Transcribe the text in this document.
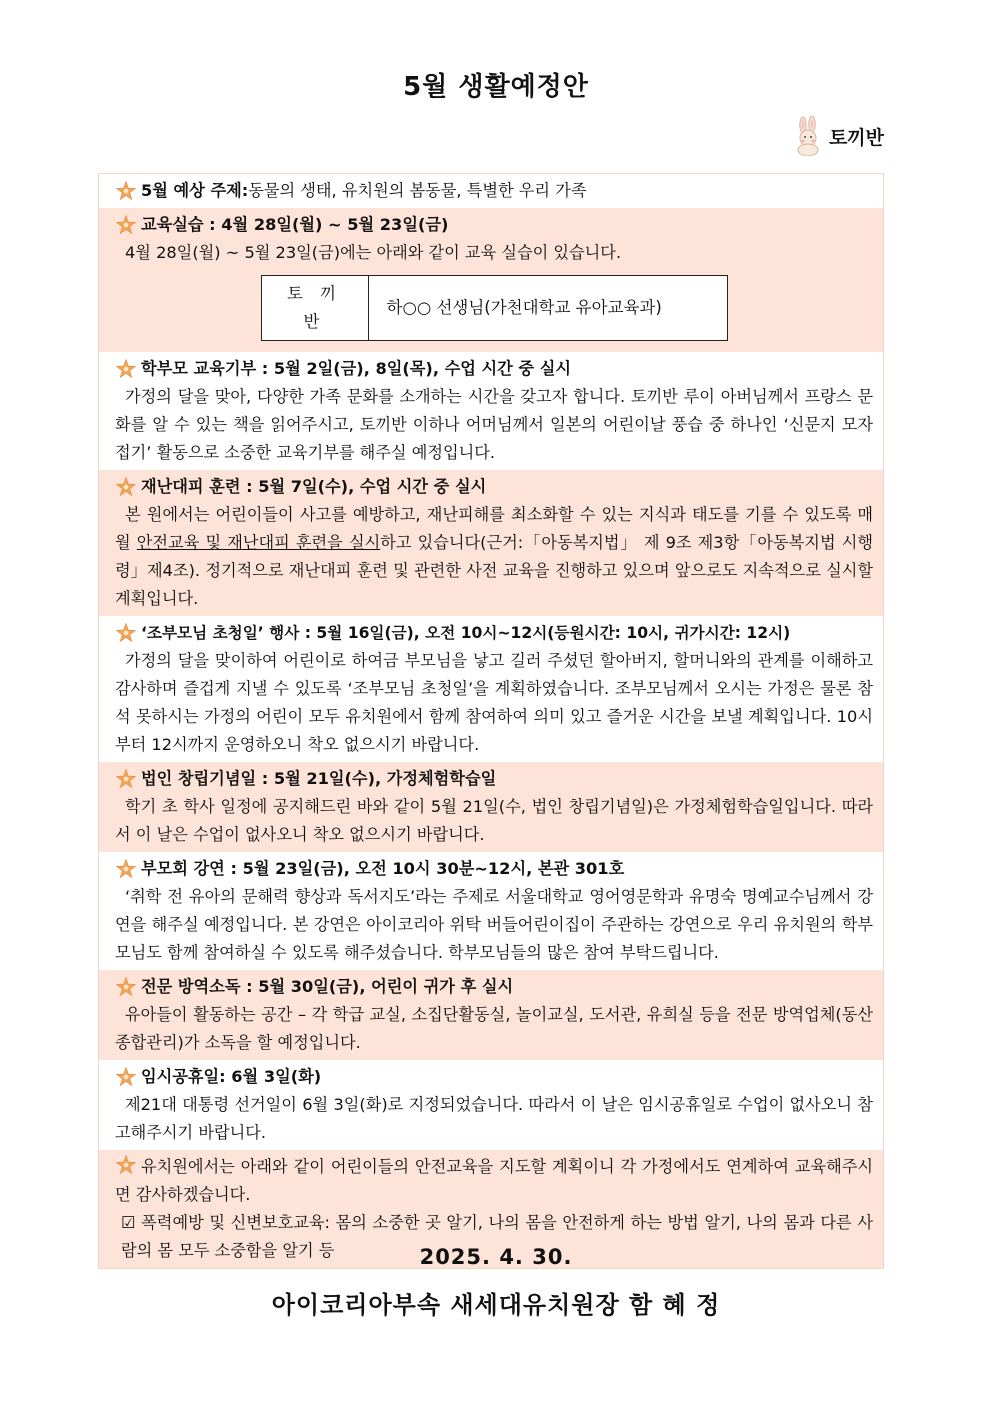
5월 생활예정안
토끼반
5월 예상 주제: 동물의 생태, 유치원의 봄동물, 특별한 우리 가족
교육실습 : 4월 28일(월) ~ 5월 23일(금)
4월 28일(월) ~ 5월 23일(금)에는 아래와 같이 교육 실습이 있습니다.
토 끼 반	하○○ 선생님(가천대학교 유아교육과)
학부모 교육기부 : 5월 2일(금), 8일(목), 수업 시간 중 실시
가정의 달을 맞아, 다양한 가족 문화를 소개하는 시간을 갖고자 합니다. 토끼반 루이 아버님께서 프랑스 문화를 알 수 있는 책을 읽어주시고, 토끼반 이하나 어머님께서 일본의 어린이날 풍습 중 하나인 ‘신문지 모자 접기’ 활동으로 소중한 교육기부를 해주실 예정입니다.
재난대피 훈련 : 5월 7일(수), 수업 시간 중 실시
본 원에서는 어린이들이 사고를 예방하고, 재난피해를 최소화할 수 있는 지식과 태도를 기를 수 있도록 매월 안전교육 및 재난대피 훈련을 실시하고 있습니다(근거:「아동복지법」 제 9조 제3항「아동복지법 시행령」제4조). 정기적으로 재난대피 훈련 및 관련한 사전 교육을 진행하고 있으며 앞으로도 지속적으로 실시할 계획입니다.
‘조부모님 초청일’ 행사 : 5월 16일(금), 오전 10시~12시(등원시간: 10시, 귀가시간: 12시)
가정의 달을 맞이하여 어린이로 하여금 부모님을 낳고 길러 주셨던 할아버지, 할머니와의 관계를 이해하고 감사하며 즐겁게 지낼 수 있도록 ‘조부모님 초청일’을 계획하였습니다. 조부모님께서 오시는 가정은 물론 참석 못하시는 가정의 어린이 모두 유치원에서 함께 참여하여 의미 있고 즐거운 시간을 보낼 계획입니다. 10시부터 12시까지 운영하오니 착오 없으시기 바랍니다.
법인 창립기념일 : 5월 21일(수), 가정체험학습일
학기 초 학사 일정에 공지해드린 바와 같이 5월 21일(수, 법인 창립기념일)은 가정체험학습일입니다. 따라서 이 날은 수업이 없사오니 착오 없으시기 바랍니다.
부모회 강연 : 5월 23일(금), 오전 10시 30분~12시, 본관 301호
‘취학 전 유아의 문해력 향상과 독서지도’라는 주제로 서울대학교 영어영문학과 유명숙 명예교수님께서 강연을 해주실 예정입니다. 본 강연은 아이코리아 위탁 버들어린이집이 주관하는 강연으로 우리 유치원의 학부모님도 함께 참여하실 수 있도록 해주셨습니다. 학부모님들의 많은 참여 부탁드립니다.
전문 방역소독 : 5월 30일(금), 어린이 귀가 후 실시
유아들이 활동하는 공간 – 각 학급 교실, 소집단활동실, 놀이교실, 도서관, 유희실 등을 전문 방역업체(동산종합관리)가 소독을 할 예정입니다.
임시공휴일: 6월 3일(화)
제21대 대통령 선거일이 6월 3일(화)로 지정되었습니다. 따라서 이 날은 임시공휴일로 수업이 없사오니 참고해주시기 바랍니다.
유치원에서는 아래와 같이 어린이들의 안전교육을 지도할 계획이니 각 가정에서도 연계하여 교육해주시면 감사하겠습니다.
☑ 폭력예방 및 신변보호교육: 몸의 소중한 곳 알기, 나의 몸을 안전하게 하는 방법 알기, 나의 몸과 다른 사람의 몸 모두 소중함을 알기 등	2025. 4. 30.
아이코리아부속 새세대유치원장 함 혜 정
